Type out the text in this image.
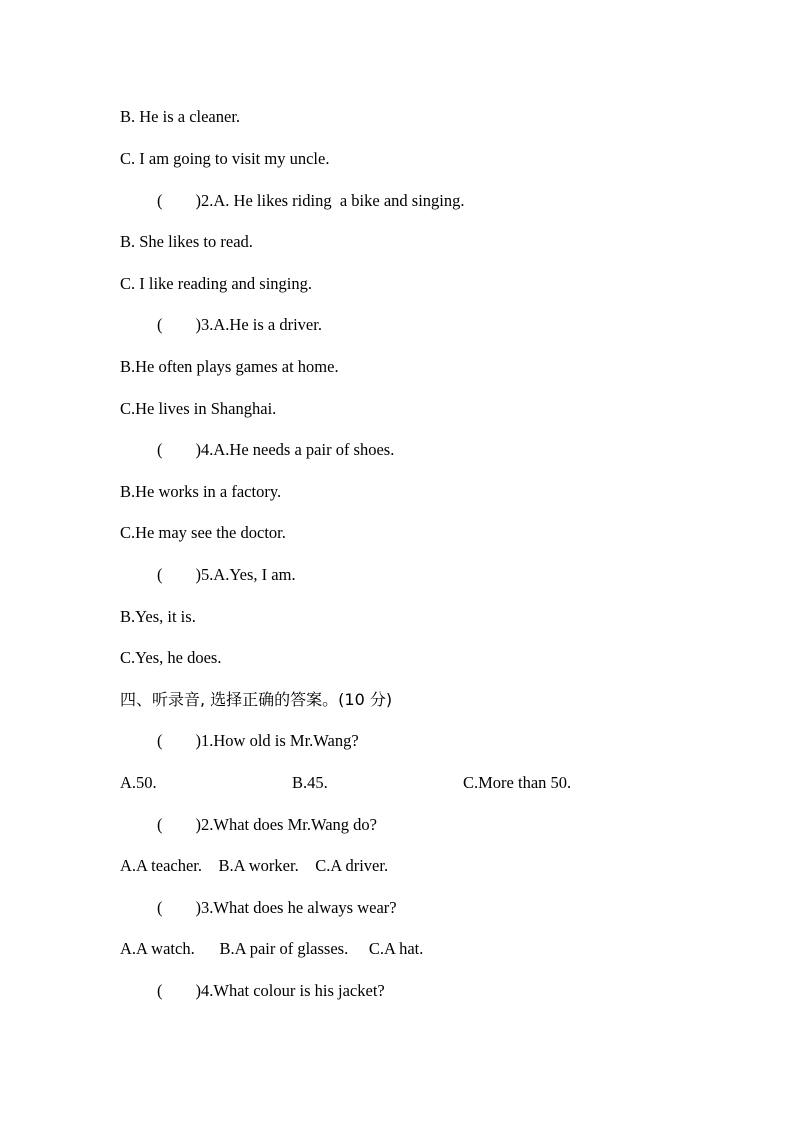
B. He is a cleaner.
C. I am going to visit my uncle.
(        )2.A. He likes riding  a bike and singing.
B. She likes to read.
C. I like reading and singing.
(        )3.A.He is a driver.
B.He often plays games at home.
C.He lives in Shanghai.
(        )4.A.He needs a pair of shoes.
B.He works in a factory.
C.He may see the doctor.
(        )5.A.Yes, I am.
B.Yes, it is.
C.Yes, he does.
四、听录音, 选择正确的答案。(10 分)
(        )1.How old is Mr.Wang?

A.50.

	B.45.

	C.More than 50.

(        )2.What does Mr.Wang do?
A.A teacher.    B.A worker.    C.A driver.
(        )3.What does he always wear?
A.A watch.      B.A pair of glasses.     C.A hat.
(        )4.What colour is his jacket?
